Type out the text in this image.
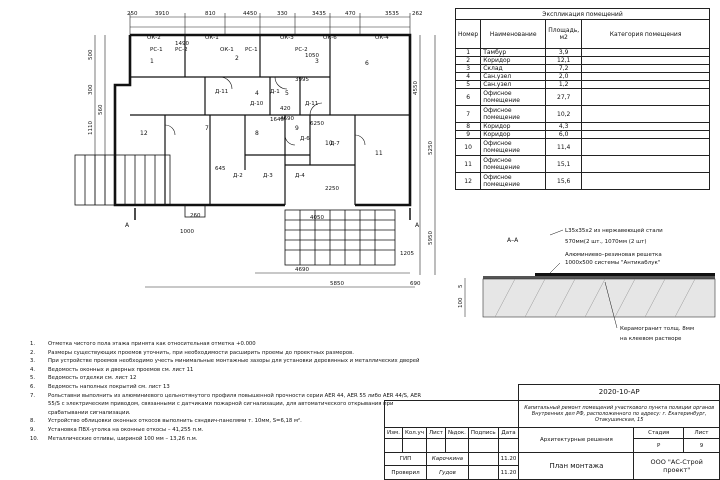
А	А
250	3910	810	4450	330	3435	470	3535 262
ОК-2	ОК-1
ОК-1
ОК-3	ОК-6	ОК-4
РС-1 РС-2	РС-1	РС-2
Д-11	Д-1
Д-10	Д-11
Д-6
Д-7
Д-4
Д-3
Д-2
1	2	3
4	5
6
7
8
9
10
11
12
1490
3995
1050
1640
420
645
2250
6250
4690
500
300
1110
560
4550
5250
5950
1000
260	4050
4690
5850	690
1205
Экспликация помещений			
Номер	Наименование	Площадь, м2	Категория помещения
1	Тамбур	3,9	
2	Коридор	12,1	
3	Склад	7,2	
4	Сан.узел	2,0	
5	Сан.узел	1,2	
6	Офисное помещение	27,7	
7	Офисное помещение	10,2	
8	Коридор	4,3	
9	Коридор	6,0	
10	Офисное помещение	11,4	
11	Офисное помещение	15,1	
12	Офисное помещение	15,6	
А–А
L35х35х2 из нержавеющей стали
570мм(2 шт., 1070мм (2 шт)
Алюминиево–резиновая решетка
1000х500 системы "Антикаблук"
100
5
Керамогранит толщ. 8мм
на клеевом растворе
1.	Отметка чистого пола этажа принята как относительная отметка +0.000
2.	Размеры существующих проемов уточнить, при необходимости расширить проемы до проектных размеров.
3.	При устройстве проемов необходимо учесть минимальные монтажные зазоры для установки деревянных и металлических дверей
4.	Ведомость оконных и дверных проемов см. лист 11
5.	Ведомость отделки см. лист 12
6.	Ведомость наполных покрытий см. лист 13
7.	Рольставни выполнить из алюминиевого цельнотянутого профиля повышенной прочности серии AER 44, AER 55 либо AER 44/S, AER 55/S с электрическим приводом, связанными с датчиками пожарной сигнализации, для автоматического открывания при срабатывании сигнализации.
8.	Устройство облицовки оконных откосов выполнить сэндвич-панелями т. 10мм, S=6,18 м².
9.	Установка ПВХ-уголка на оконные откосы – 41,255 п.м.
10.	Металлические отливы, шириной 100 мм – 13,26 п.м.
						2020-10-АР		
						Капитальный ремонт помещений участкового пункта полиции органов Внутренних дел РФ, расположенного по адресу: г. Екатеринбург, Отакушинская, 15		
Изм.	Кол.уч	Лист	№док.	Подпись	Дата	Архитектурные решения	Стадия	Лист
							Р	9
ГИП		Карочкина			11.20	План монтажа	ООО "АС-Строй проект"	
Проверил		Гудов			11.20			
